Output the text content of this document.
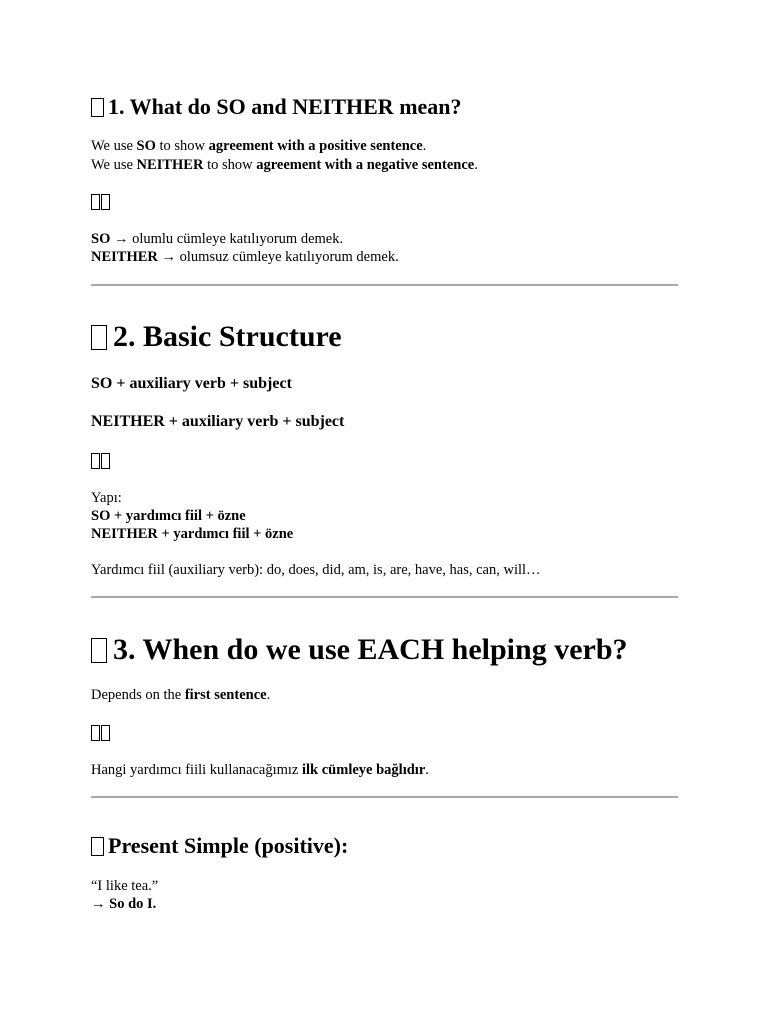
1. What do SO and NEITHER mean?
We use SO to show agreement with a positive sentence.
We use NEITHER to show agreement with a negative sentence.
SO → olumlu cümleye katılıyorum demek.
NEITHER → olumsuz cümleye katılıyorum demek.
2. Basic Structure
SO + auxiliary verb + subject
NEITHER + auxiliary verb + subject
Yapı:
SO + yardımcı fiil + özne
NEITHER + yardımcı fiil + özne
Yardımcı fiil (auxiliary verb): do, does, did, am, is, are, have, has, can, will…
3. When do we use EACH helping verb?
Depends on the first sentence.
Hangi yardımcı fiili kullanacağımız ilk cümleye bağlıdır.
Present Simple (positive):
“I like tea.”
→ So do I.
